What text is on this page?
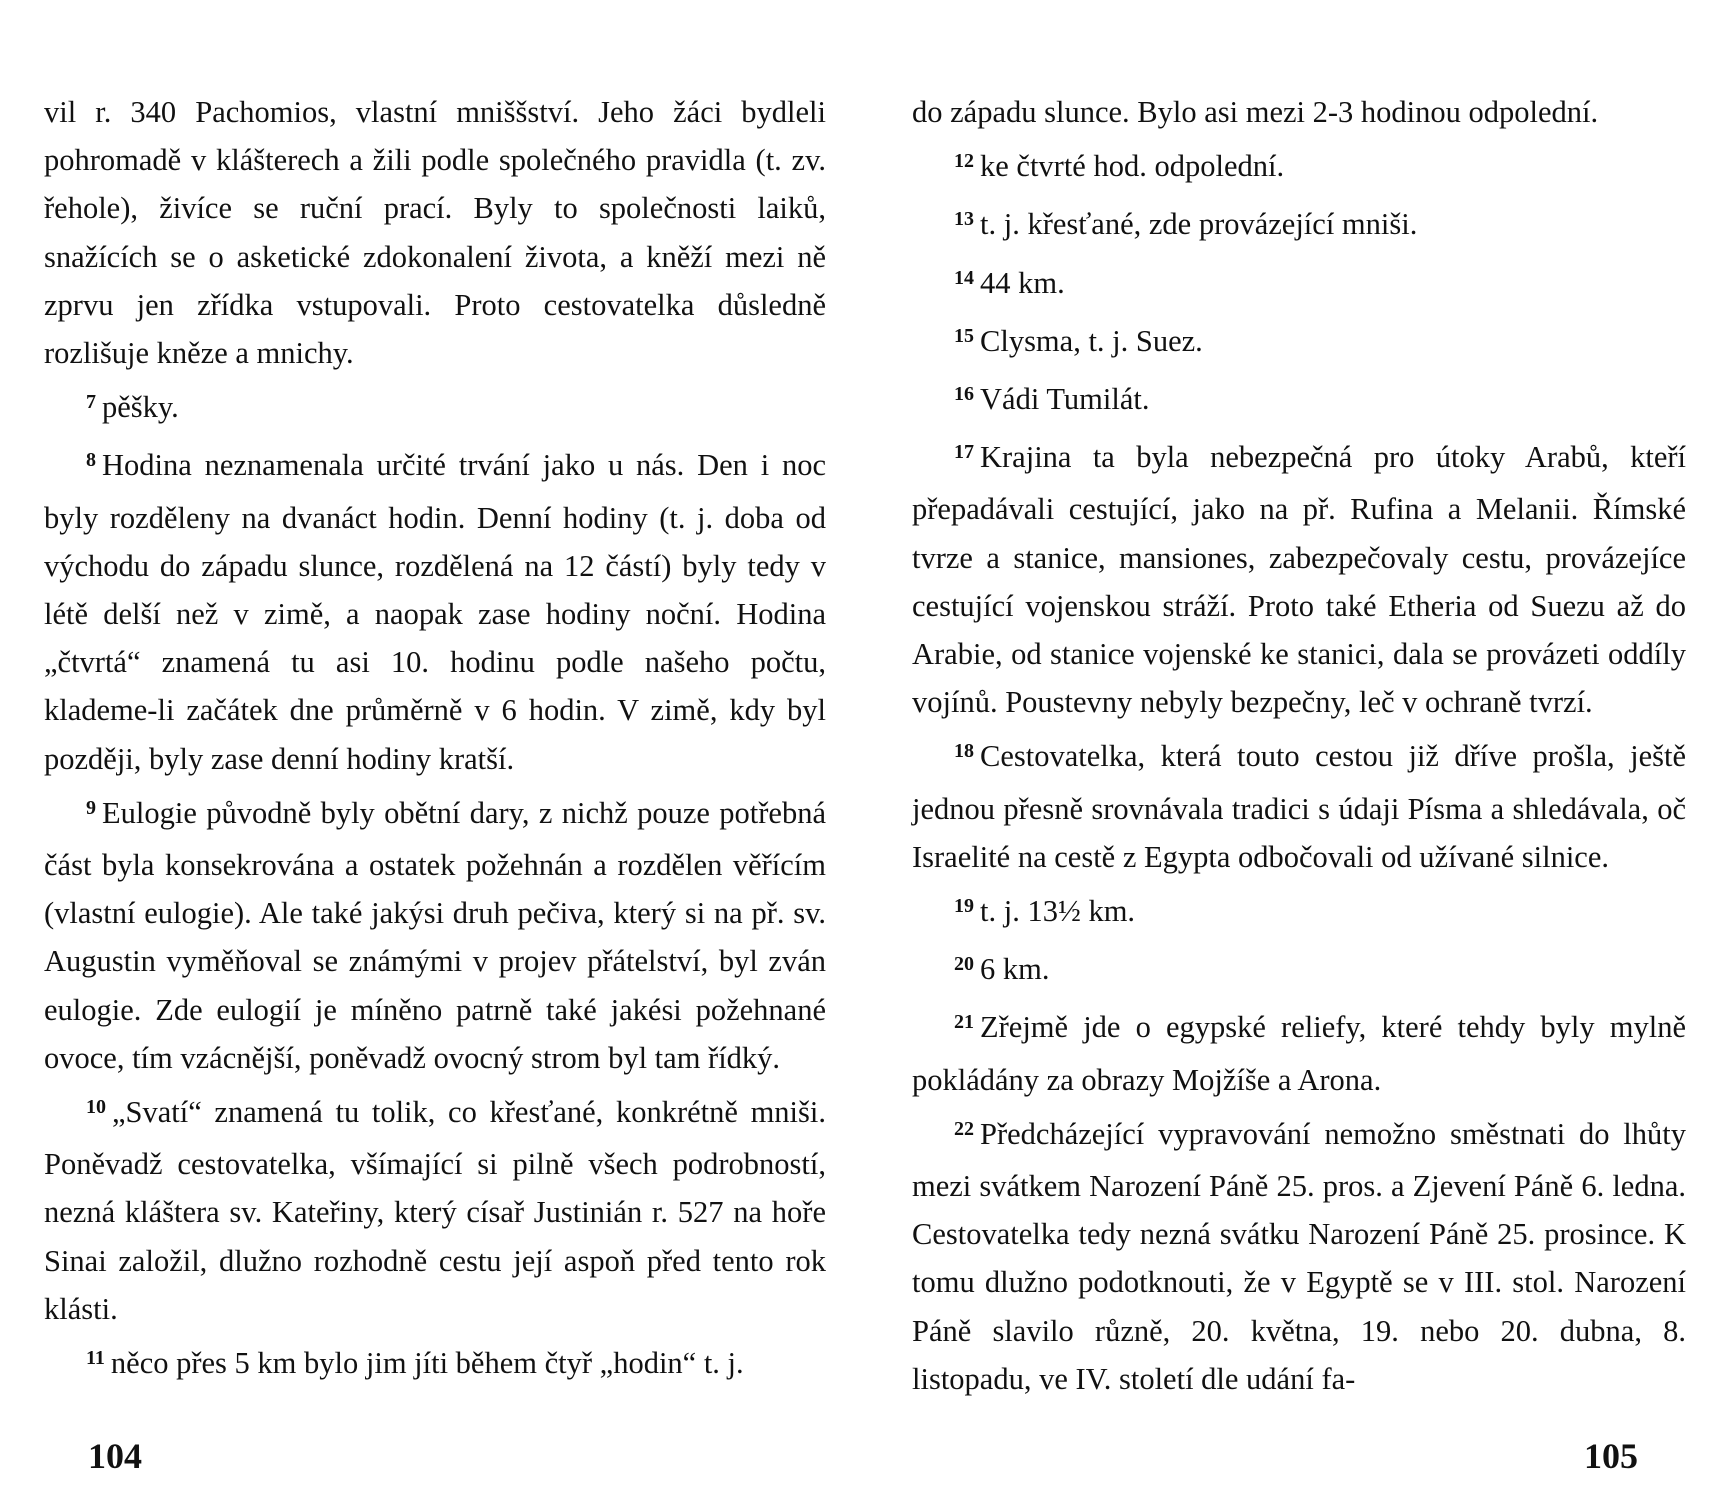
vil r. 340 Pachomios, vlastní mniššství. Jeho žáci bydleli pohromadě v klášterech a žili podle společného pravidla (t. zv. řehole), živíce se ruční prací. Byly to společnosti laiků, snažících se o asketické zdokonalení života, a kněží mezi ně zprvu jen zřídka vstupovali. Proto cestovatelka důsledně rozlišuje kněze a mnichy.

$^7$ pěšky.

$^8$ Hodina neznamenala určité trvání jako u nás. Den i noc byly rozděleny na dvanáct hodin. Denní hodiny (t. j. doba od východu do západu slunce, rozdělená na 12 částí) byly tedy v létě delší než v zimě, a naopak zase hodiny noční. Hodina „čtvrtá“ znamená tu asi 10. hodinu podle našeho počtu, klademe-li začátek dne průměrně v 6 hodin. V zimě, kdy byl později, byly zase denní hodiny kratší.

$^9$ Eulogie původně byly obětní dary, z nichž pouze potřebná část byla konsekrována a ostatek požehnán a rozdělen věřícím (vlastní eulogie). Ale také jakýsi druh pečiva, který si na př. sv. Augustin vyměňoval se známými v projev přátelství, byl zván eulogie. Zde eulogií je míněno patrně také jakési požehnané ovoce, tím vzácnější, poněvadž ovocný strom byl tam řídký.

$^{10}$ „Svatí“ znamená tu tolik, co křesťané, konkrétně mniši. Poněvadž cestovatelka, všímající si pilně všech podrobností, nezná kláštera sv. Kateřiny, který císař Justinián r. 527 na hoře Sinai založil, dlužno rozhodně cestu její aspoň před tento rok klásti.

$^{11}$ něco přes 5 km bylo jim jíti během čtyř „hodin“ t. j.

do západu slunce. Bylo asi mezi 2-3 hodinou odpolední.

$^{12}$ ke čtvrté hod. odpolední.

$^{13}$ t. j. křesťané, zde provázející mniši.

$^{14}$ 44 km.

$^{15}$ Clysma, t. j. Suez.

$^{16}$ Vádi Tumilát.

$^{17}$ Krajina ta byla nebezpečná pro útoky Arabů, kteří přepadávali cestující, jako na př. Rufina a Melanii. Římské tvrze a stanice, mansiones, zabezpečovaly cestu, provázejíce cestující vojenskou stráží. Proto také Etheria od Suezu až do Arabie, od stanice vojenské ke stanici, dala se provázeti oddíly vojínů. Poustevny nebyly bezpečny, leč v ochraně tvrzí.

$^{18}$ Cestovatelka, která touto cestou již dříve prošla, ještě jednou přesně srovnávala tradici s údaji Písma a shledávala, oč Israelité na cestě z Egypta odbočovali od užívané silnice.

$^{19}$ t. j. 13½ km.

$^{20}$ 6 km.

$^{21}$ Zřejmě jde o egypské reliefy, které tehdy byly mylně pokládány za obrazy Mojžíše a Arona.

$^{22}$ Předcházející vypravování nemožno směstnati do lhůty mezi svátkem Narození Páně 25. pros. a Zjevení Páně 6. ledna. Cestovatelka tedy nezná svátku Narození Páně 25. prosince. K tomu dlužno podotknouti, že v Egyptě se v III. stol. Narození Páně slavilo různě, 20. května, 19. nebo 20. dubna, 8. listopadu, ve IV. století dle udání fa-

104	105
